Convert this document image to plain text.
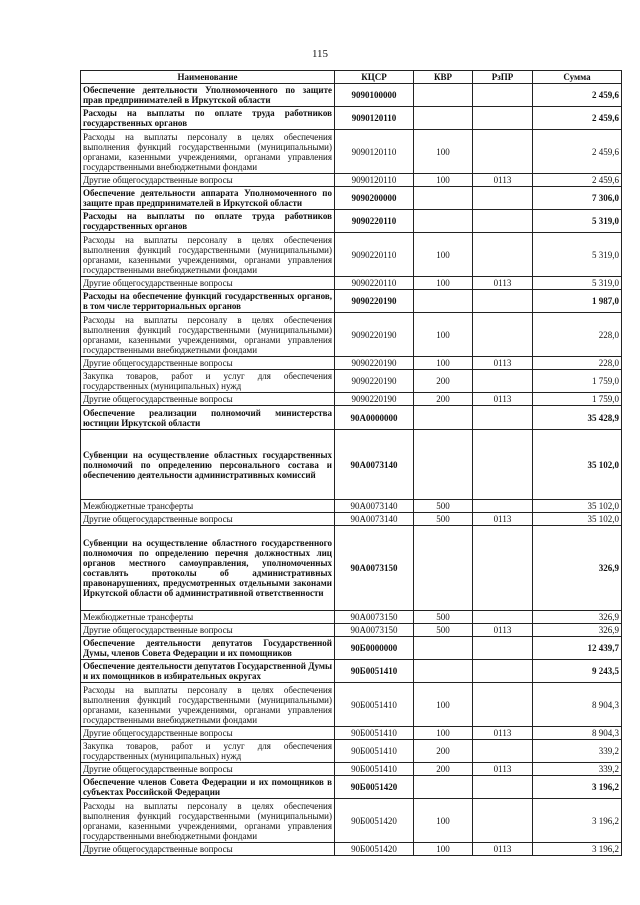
115
Наименование	КЦСР	КВР	РзПР	Сумма
Обеспечение деятельности Уполномоченного по защите прав предпринимателей в Иркутской области	9090100000			2 459,6
Расходы на выплаты по оплате труда работников государственных органов	9090120110			2 459,6
Расходы на выплаты персоналу в целях обеспечения выполнения функций государственными (муниципальными) органами, казенными учреждениями, органами управления государственными внебюджетными фондами	9090120110	100		2 459,6
Другие общегосударственные вопросы	9090120110	100	0113	2 459,6
Обеспечение деятельности аппарата Уполномоченного по защите прав предпринимателей в Иркутской области	9090200000			7 306,0
Расходы на выплаты по оплате труда работников государственных органов	9090220110			5 319,0
Расходы на выплаты персоналу в целях обеспечения выполнения функций государственными (муниципальными) органами, казенными учреждениями, органами управления государственными внебюджетными фондами	9090220110	100		5 319,0
Другие общегосударственные вопросы	9090220110	100	0113	5 319,0
Расходы на обеспечение функций государственных органов, в том числе территориальных органов	9090220190			1 987,0
Расходы на выплаты персоналу в целях обеспечения выполнения функций государственными (муниципальными) органами, казенными учреждениями, органами управления государственными внебюджетными фондами	9090220190	100		228,0
Другие общегосударственные вопросы	9090220190	100	0113	228,0
Закупка товаров, работ и услуг для обеспечения государственных (муниципальных) нужд	9090220190	200		1 759,0
Другие общегосударственные вопросы	9090220190	200	0113	1 759,0
Обеспечение реализации полномочий министерства юстиции Иркутской области	90А0000000			35 428,9
Субвенции на осуществление областных государственных полномочий по определению персонального состава и обеспечению деятельности административных комиссий	90А0073140			35 102,0
Межбюджетные трансферты	90А0073140	500		35 102,0
Другие общегосударственные вопросы	90А0073140	500	0113	35 102,0
Субвенции на осуществление областного государственного полномочия по определению перечня должностных лиц органов местного самоуправления, уполномоченных составлять протоколы об административных правонарушениях, предусмотренных отдельными законами Иркутской области об административной ответственности	90А0073150			326,9
Межбюджетные трансферты	90А0073150	500		326,9
Другие общегосударственные вопросы	90А0073150	500	0113	326,9
Обеспечение деятельности депутатов Государственной Думы, членов Совета Федерации и их помощников	90Б0000000			12 439,7
Обеспечение деятельности депутатов Государственной Думы и их помощников в избирательных округах	90Б0051410			9 243,5
Расходы на выплаты персоналу в целях обеспечения выполнения функций государственными (муниципальными) органами, казенными учреждениями, органами управления государственными внебюджетными фондами	90Б0051410	100		8 904,3
Другие общегосударственные вопросы	90Б0051410	100	0113	8 904,3
Закупка товаров, работ и услуг для обеспечения государственных (муниципальных) нужд	90Б0051410	200		339,2
Другие общегосударственные вопросы	90Б0051410	200	0113	339,2
Обеспечение членов Совета Федерации и их помощников в субъектах Российской Федерации	90Б0051420			3 196,2
Расходы на выплаты персоналу в целях обеспечения выполнения функций государственными (муниципальными) органами, казенными учреждениями, органами управления государственными внебюджетными фондами	90Б0051420	100		3 196,2
Другие общегосударственные вопросы	90Б0051420	100	0113	3 196,2
